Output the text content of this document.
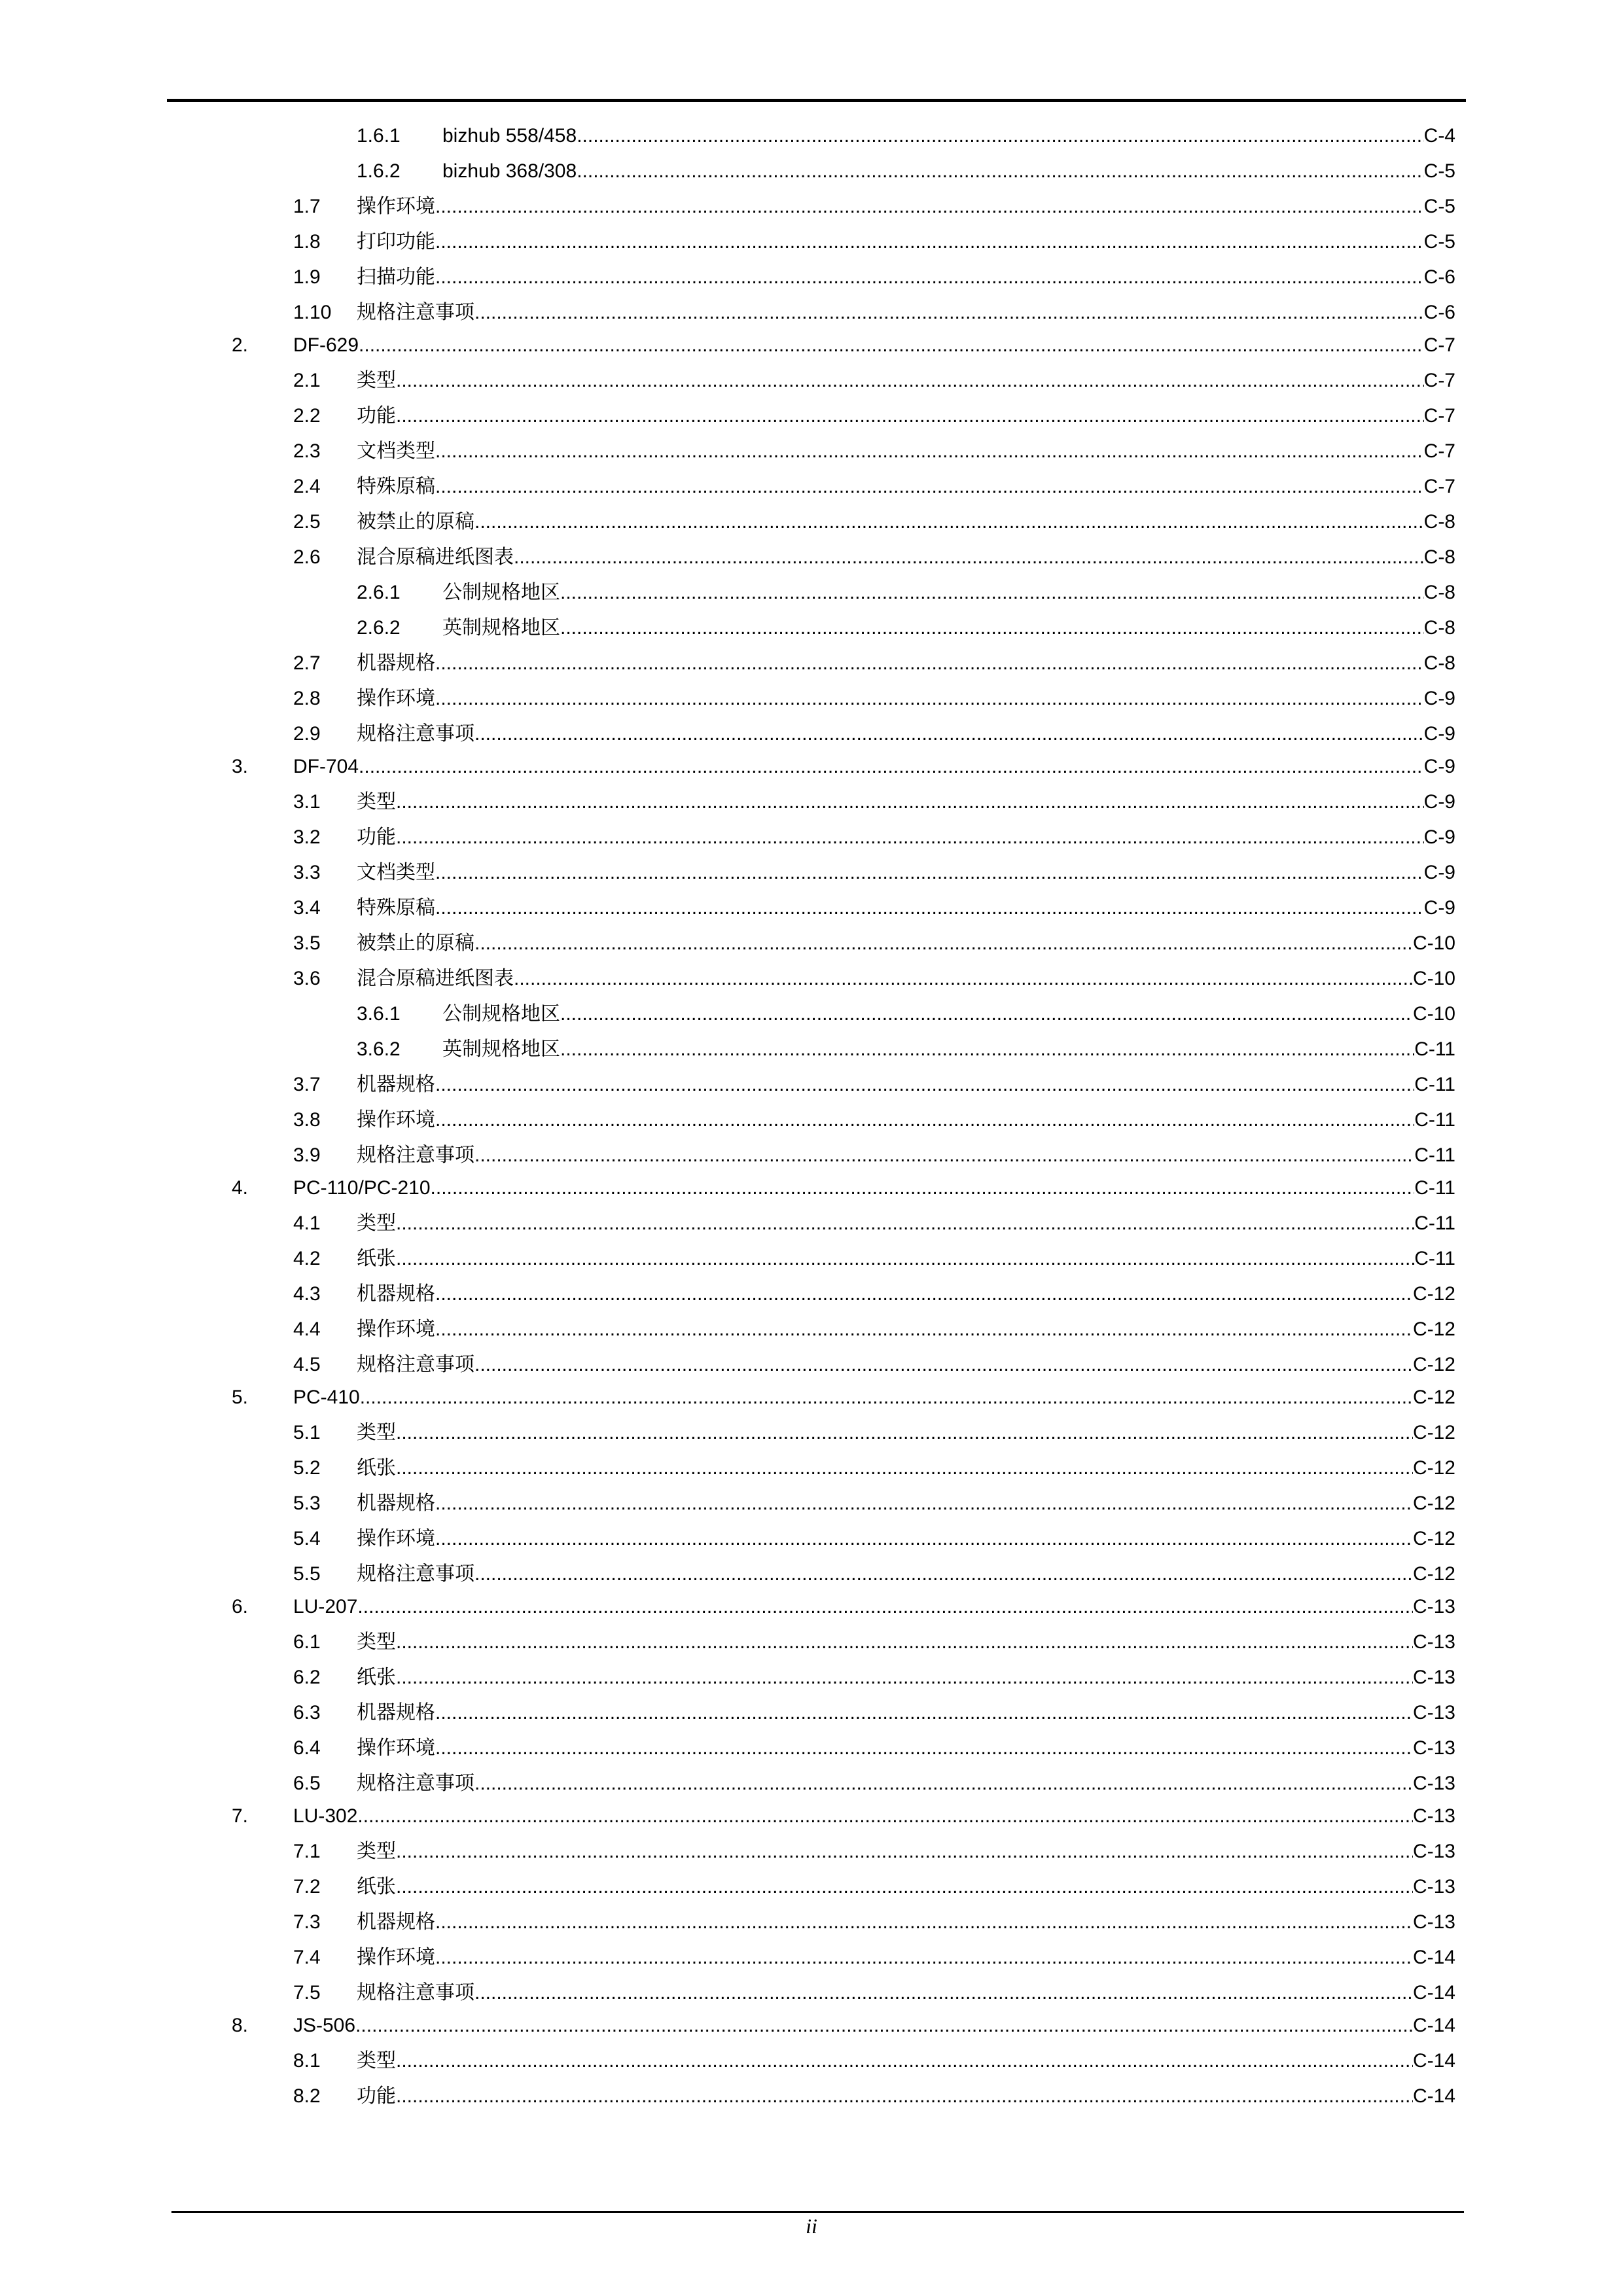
1.6.1	bizhub 558/458 .....	C-4
1.6.2	bizhub 368/308 .....	C-5
1.7	操作环境 .....	C-5
1.8	打印功能 .....	C-5
1.9	扫描功能 .....	C-6
1.10	规格注意事项 .....	C-6
2.	DF-629 .....	C-7
2.1	类型 .....	C-7
2.2	功能 .....	C-7
2.3	文档类型 .....	C-7
2.4	特殊原稿 .....	C-7
2.5	被禁止的原稿 .....	C-8
2.6	混合原稿进纸图表 .....	C-8
2.6.1	公制规格地区 .....	C-8
2.6.2	英制规格地区 .....	C-8
2.7	机器规格 .....	C-8
2.8	操作环境 .....	C-9
2.9	规格注意事项 .....	C-9
3.	DF-704 .....	C-9
3.1	类型 .....	C-9
3.2	功能 .....	C-9
3.3	文档类型 .....	C-9
3.4	特殊原稿 .....	C-9
3.5	被禁止的原稿 .....	C-10
3.6	混合原稿进纸图表 .....	C-10
3.6.1	公制规格地区 .....	C-10
3.6.2	英制规格地区 .....	C-11
3.7	机器规格 .....	C-11
3.8	操作环境 .....	C-11
3.9	规格注意事项 .....	C-11
4.	PC-110/PC-210 .....	C-11
4.1	类型 .....	C-11
4.2	纸张 .....	C-11
4.3	机器规格 .....	C-12
4.4	操作环境 .....	C-12
4.5	规格注意事项 .....	C-12
5.	PC-410 .....	C-12
5.1	类型 .....	C-12
5.2	纸张 .....	C-12
5.3	机器规格 .....	C-12
5.4	操作环境 .....	C-12
5.5	规格注意事项 .....	C-12
6.	LU-207 .....	C-13
6.1	类型 .....	C-13
6.2	纸张 .....	C-13
6.3	机器规格 .....	C-13
6.4	操作环境 .....	C-13
6.5	规格注意事项 .....	C-13
7.	LU-302 .....	C-13
7.1	类型 .....	C-13
7.2	纸张 .....	C-13
7.3	机器规格 .....	C-13
7.4	操作环境 .....	C-14
7.5	规格注意事项 .....	C-14
8.	JS-506 .....	C-14
8.1	类型 .....	C-14
8.2	功能 .....	C-14
ii
